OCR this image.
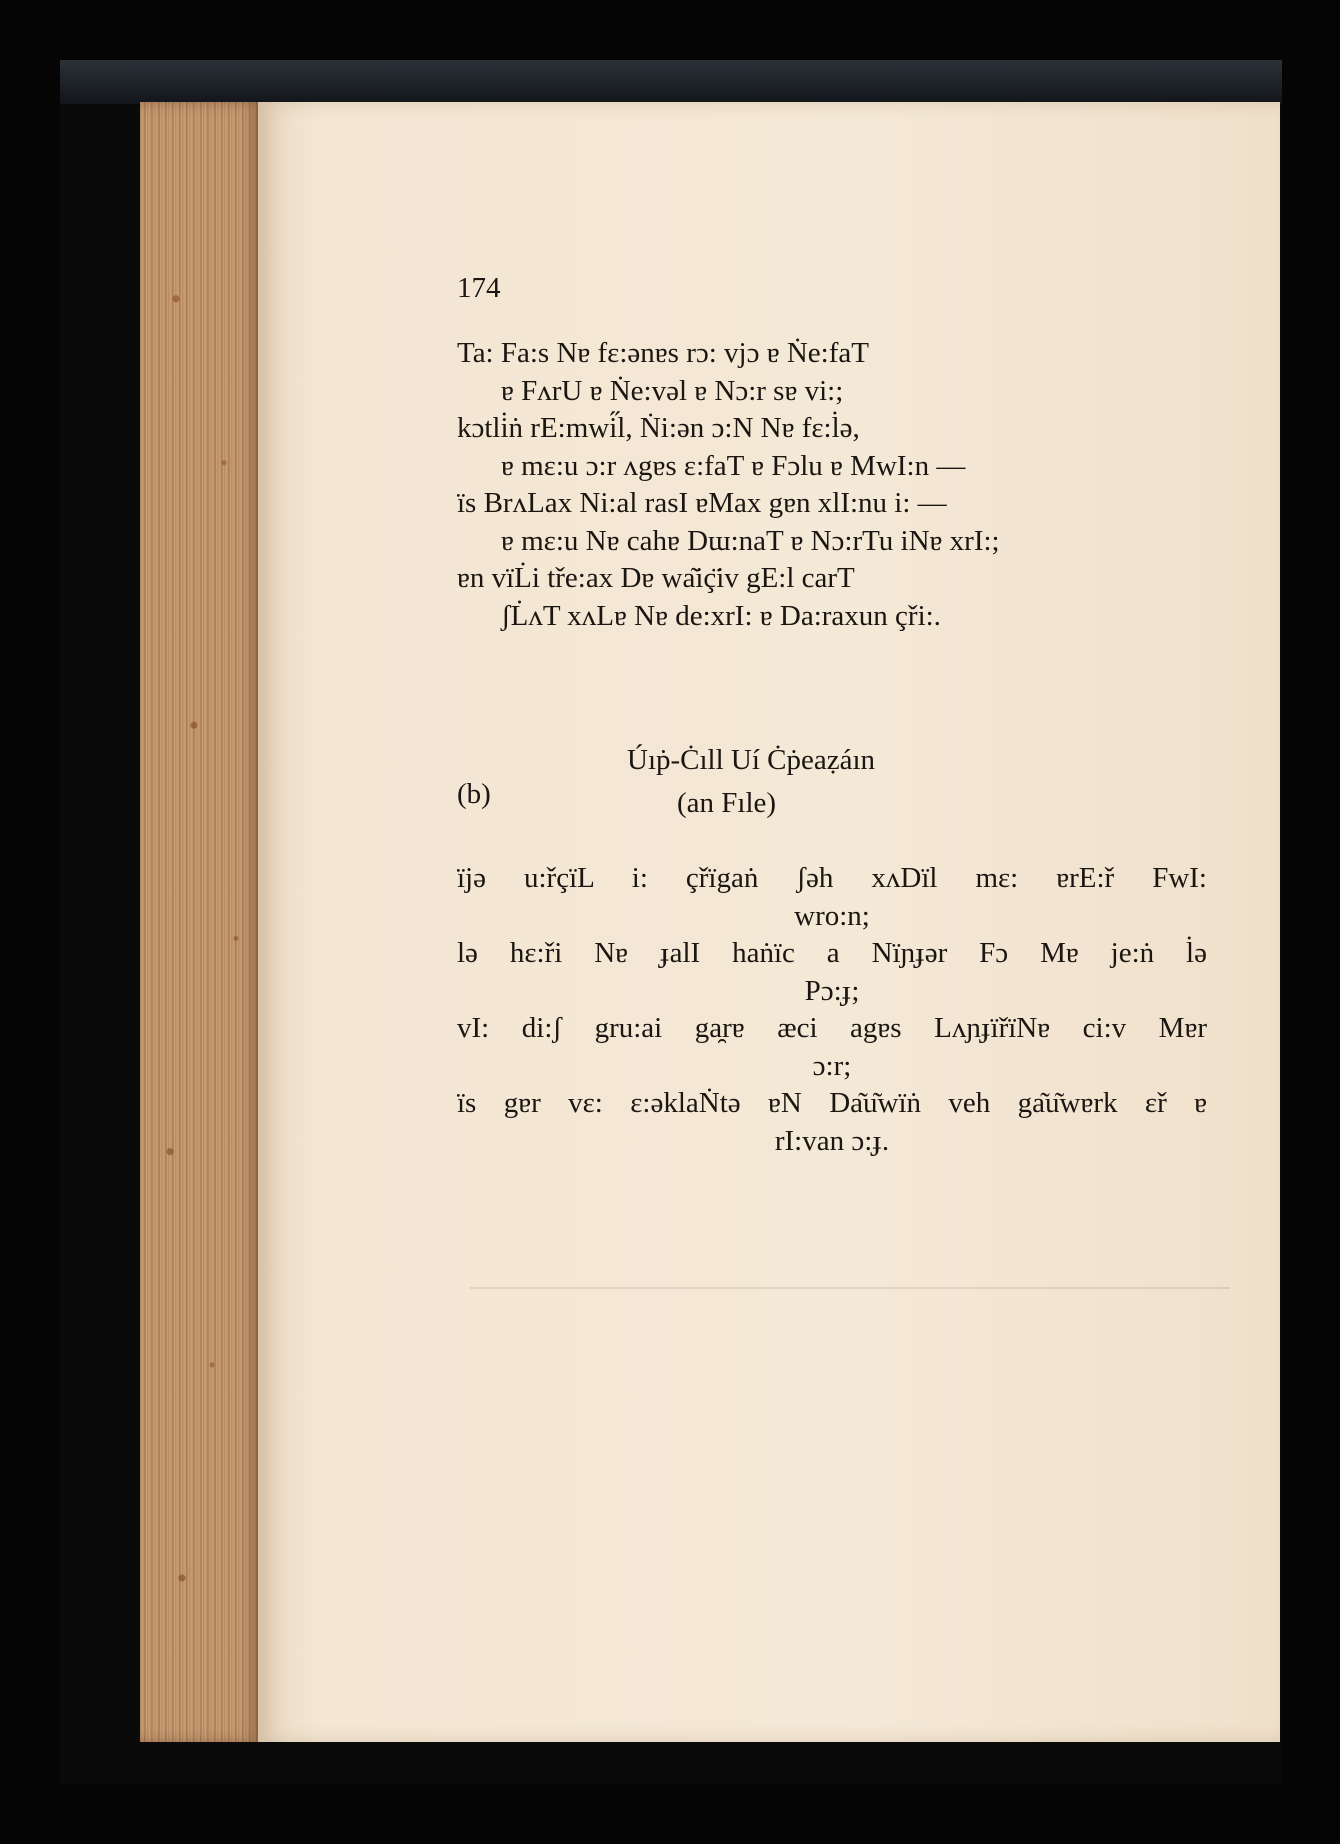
174
Ta: Fa:s Nɐ fɛ:ənɐs rɔ: vjɔ ɐ Ṅe:faT
ɐ FʌrU ɐ Ṅe:vəl ɐ Nɔ:r sɐ vi:;
kɔtli̇ṅ rE:mwi̋l, Ṅi:ən ɔ:N Nɐ fɛ:l̇ə,
ɐ mɛ:u ɔ:r ʌgɐs ɛ:faT ɐ Fɔlu ɐ MwI:n —
ïs BrʌLax Ni:al rasI ɐMax gɐn xlI:nu i: —
ɐ mɛ:u Nɐ cahɐ Dɯ:naT ɐ Nɔ:rTu iNɐ xrI:;
ɐn vïL̇i tře:ax Dɐ wa͂iç̈iv gE:l carT
ʃL̇ʌT xʌLɐ Nɐ de:xrI: ɐ Da:raxun çři:.
(b)
Úıṗ-Ċıll Uí Ċṗeaẓáın
(an Fıle)
ïjə u:řçïL i: çřïgaṅ ʃəh xʌDïl mɛ: ɐrE:ř FwI:
wro:n;
lə hɛ:ři Nɐ ɟalI haṅïc a Nïɲɟər Fɔ Mɐ je:ṅ l̇ə
Pɔ:ɟ;
vI: di:ʃ gru:ai ga̯rɐ æci agɐs LʌɲɟïřïNɐ ci:v Mɐr
ɔ:r;
ïs gɐr vɛ: ɛ:əklaṄtə ɐN Da͂u͂wïṅ veh ga͂u͂wɐrk ɛř ɐ
rI:van ɔ:ɟ.
